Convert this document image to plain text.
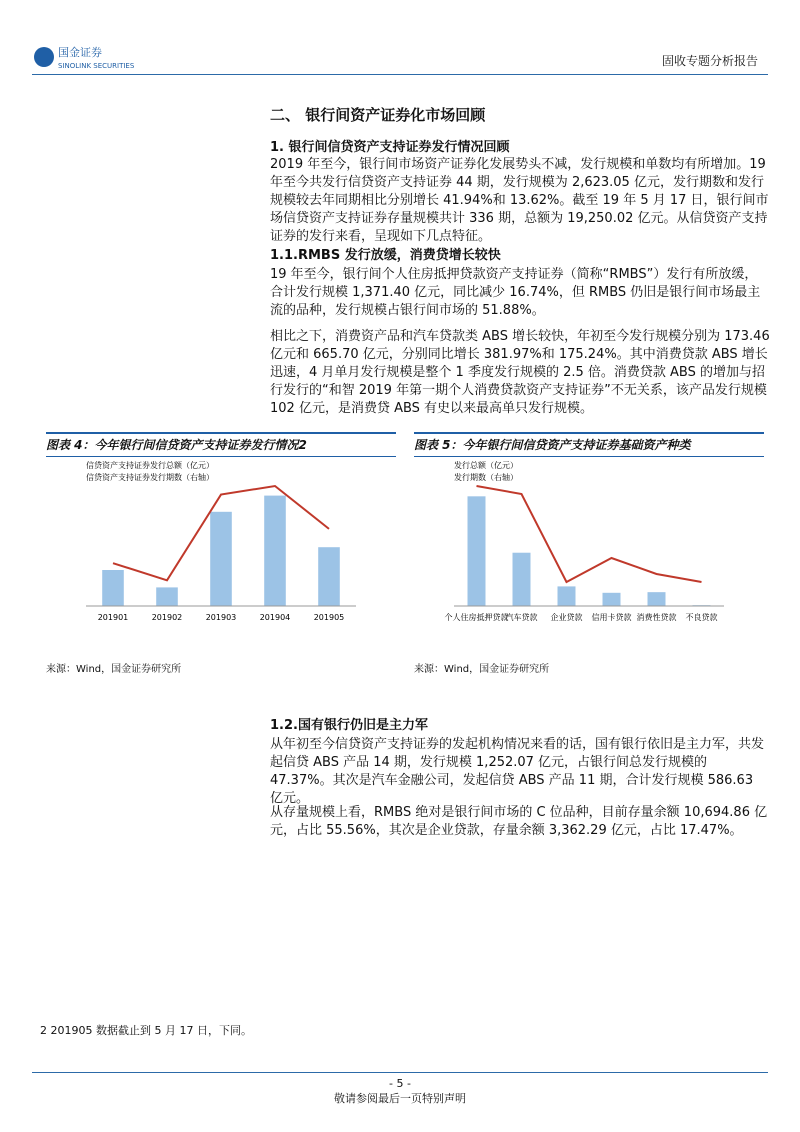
国金证券
SINOLINK SECURITIES	固收专题分析报告
二、 银行间资产证券化市场回顾
1. 银行间信贷资产支持证券发行情况回顾
2019 年至今，银行间市场资产证券化发展势头不减，发行规模和单数均有所增加。19 年至今共发行信贷资产支持证券 44 期，发行规模为 2,623.05 亿元，发行期数和发行规模较去年同期相比分别增长 41.94%和 13.62%。截至 19 年 5 月 17 日，银行间市场信贷资产支持证券存量规模共计 336 期，总额为 19,250.02 亿元。从信贷资产支持证券的发行来看，呈现如下几点特征。
1.1.RMBS 发行放缓，消费贷增长较快
19 年至今，银行间个人住房抵押贷款资产支持证券（简称“RMBS”）发行有所放缓，合计发行规模 1,371.40 亿元，同比减少 16.74%，但 RMBS 仍旧是银行间市场最主流的品种，发行规模占银行间市场的 51.88%。
相比之下，消费资产品和汽车贷款类 ABS 增长较快，年初至今发行规模分别为 173.46 亿元和 665.70 亿元，分别同比增长 381.97%和 175.24%。其中消费贷款 ABS 增长迅速，4 月单月发行规模是整个 1 季度发行规模的 2.5 倍。消费贷款 ABS 的增加与招行发行的“和智 2019 年第一期个人消费贷款资产支持证券”不无关系，该产品发行规模 102 亿元，是消费贷 ABS 有史以来最高单只发行规模。
图表 4：今年银行间信贷资产支持证券发行情况2
201901	201902	201903	201904	201905
信贷资产支持证券发行总额（亿元）
信贷资产支持证券发行期数（右轴）
来源：Wind，国金证券研究所
图表 5：今年银行间信贷资产支持证券基础资产种类
个人住房抵押贷款
汽车贷款 企业贷款 信用卡贷款 消费性贷款 不良贷款
发行总额（亿元）
发行期数（右轴）
来源：Wind，国金证券研究所
1.2.国有银行仍旧是主力军
从年初至今信贷资产支持证券的发起机构情况来看的话，国有银行依旧是主力军，共发起信贷 ABS 产品 14 期，发行规模 1,252.07 亿元，占银行间总发行规模的 47.37%。其次是汽车金融公司，发起信贷 ABS 产品 11 期，合计发行规模 586.63 亿元。
从存量规模上看，RMBS 绝对是银行间市场的 C 位品种，目前存量余额 10,694.86 亿元，占比 55.56%，其次是企业贷款，存量余额 3,362.29 亿元，占比 17.47%。
2 201905 数据截止到 5 月 17 日，下同。
- 5 -
敬请参阅最后一页特别声明
